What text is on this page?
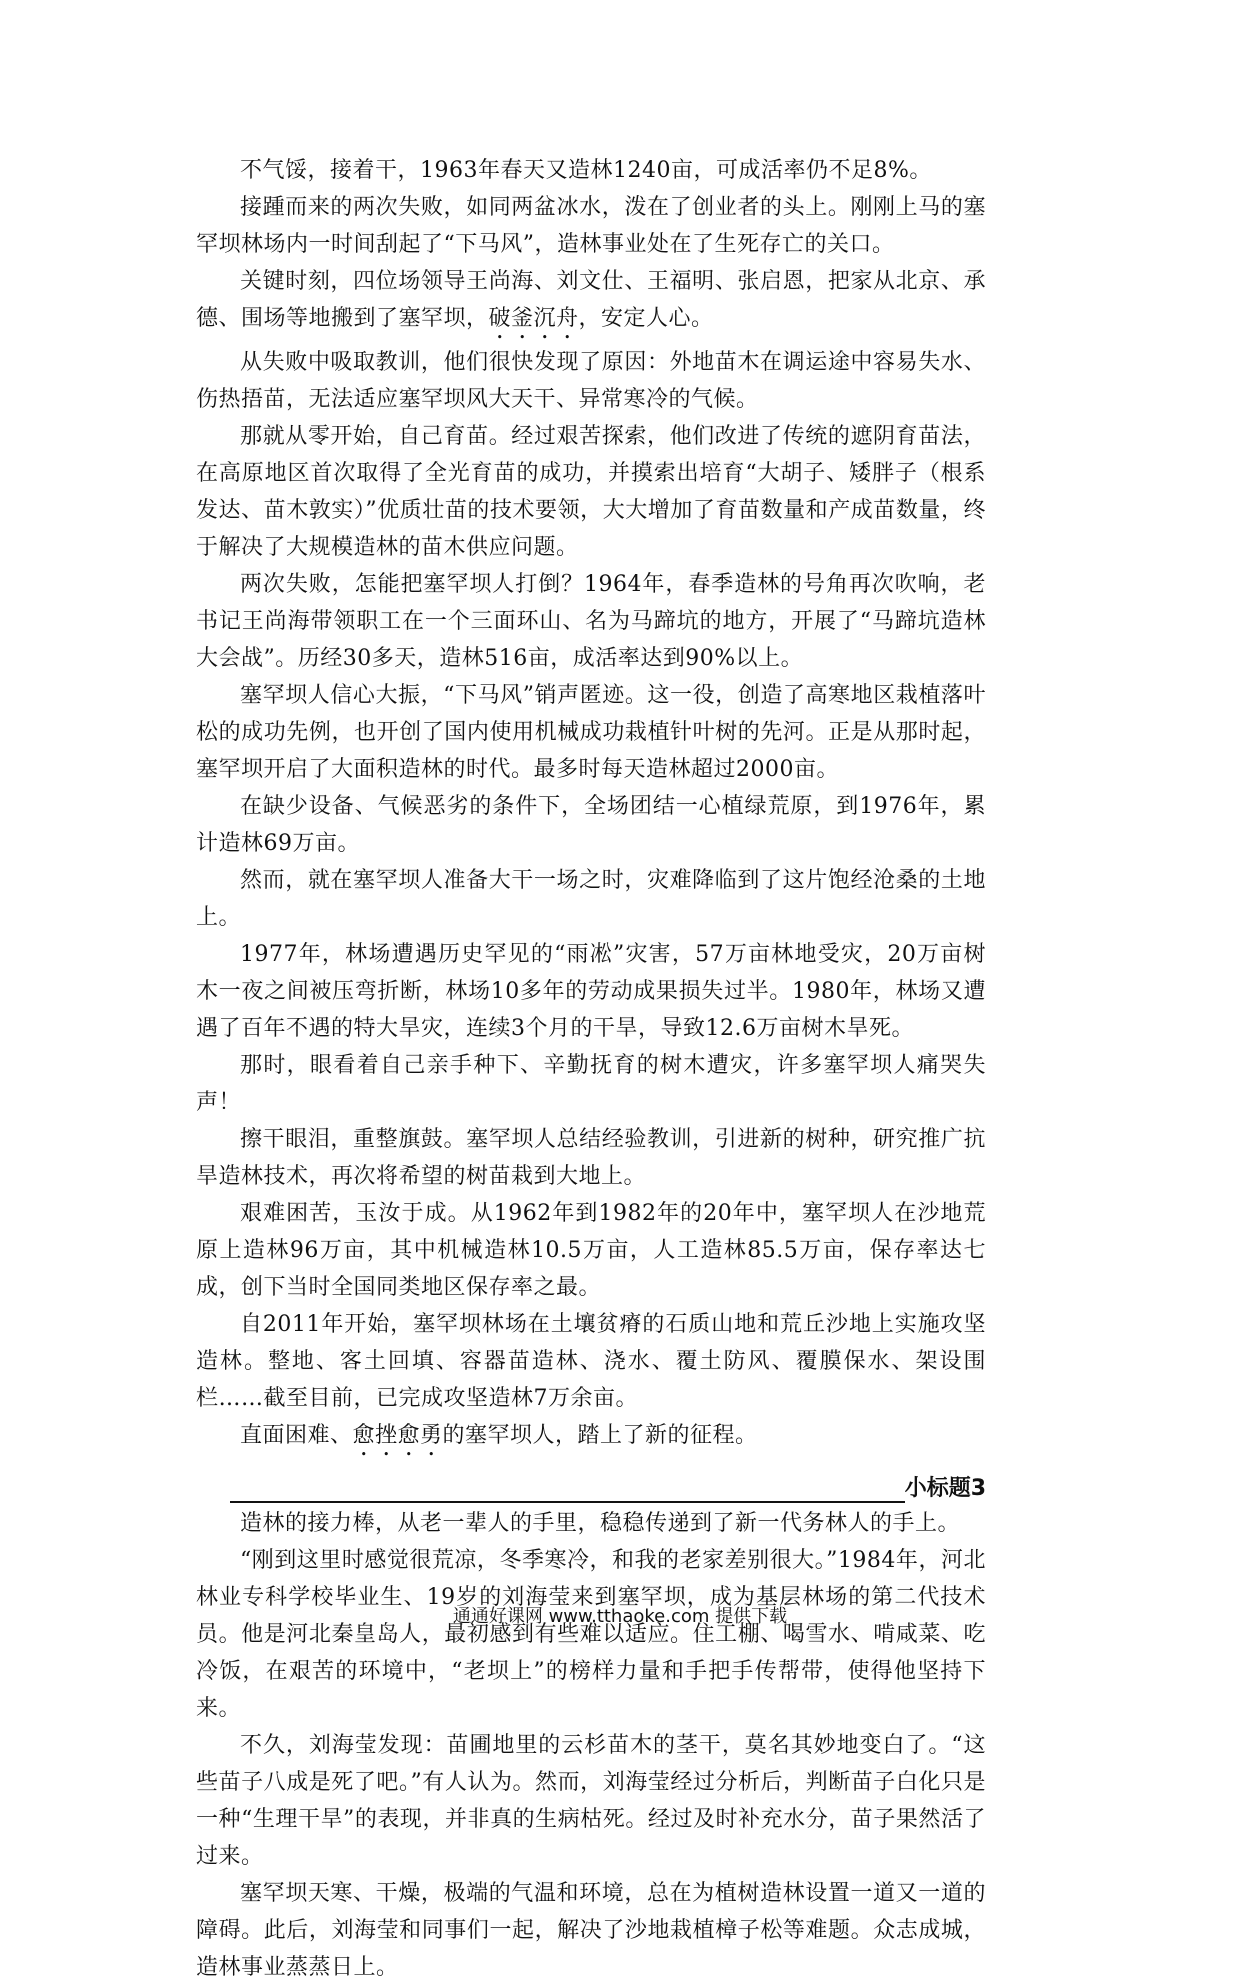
不气馁，接着干，1963年春天又造林1240亩，可成活率仍不足8%。

接踵而来的两次失败，如同两盆冰水，泼在了创业者的头上。刚刚上马的塞罕坝林场内一时间刮起了“下马风”，造林事业处在了生死存亡的关口。

关键时刻，四位场领导王尚海、刘文仕、王福明、张启恩，把家从北京、承德、围场等地搬到了塞罕坝，破釜沉舟，安定人心。

从失败中吸取教训，他们很快发现了原因：外地苗木在调运途中容易失水、伤热捂苗，无法适应塞罕坝风大天干、异常寒冷的气候。

那就从零开始，自己育苗。经过艰苦探索，他们改进了传统的遮阴育苗法，在高原地区首次取得了全光育苗的成功，并摸索出培育“大胡子、矮胖子（根系发达、苗木敦实）”优质壮苗的技术要领，大大增加了育苗数量和产成苗数量，终于解决了大规模造林的苗木供应问题。

两次失败，怎能把塞罕坝人打倒？1964年，春季造林的号角再次吹响，老书记王尚海带领职工在一个三面环山、名为马蹄坑的地方，开展了“马蹄坑造林大会战”。历经30多天，造林516亩，成活率达到90%以上。

塞罕坝人信心大振，“下马风”销声匿迹。这一役，创造了高寒地区栽植落叶松的成功先例，也开创了国内使用机械成功栽植针叶树的先河。正是从那时起，塞罕坝开启了大面积造林的时代。最多时每天造林超过2000亩。

在缺少设备、气候恶劣的条件下，全场团结一心植绿荒原，到1976年，累计造林69万亩。

然而，就在塞罕坝人准备大干一场之时，灾难降临到了这片饱经沧桑的土地上。

1977年，林场遭遇历史罕见的“雨凇”灾害，57万亩林地受灾，20万亩树木一夜之间被压弯折断，林场10多年的劳动成果损失过半。1980年，林场又遭遇了百年不遇的特大旱灾，连续3个月的干旱，导致12.6万亩树木旱死。

那时，眼看着自己亲手种下、辛勤抚育的树木遭灾，许多塞罕坝人痛哭失声！

擦干眼泪，重整旗鼓。塞罕坝人总结经验教训，引进新的树种，研究推广抗旱造林技术，再次将希望的树苗栽到大地上。

艰难困苦，玉汝于成。从1962年到1982年的20年中，塞罕坝人在沙地荒原上造林96万亩，其中机械造林10.5万亩，人工造林85.5万亩，保存率达七成，创下当时全国同类地区保存率之最。

自2011年开始，塞罕坝林场在土壤贫瘠的石质山地和荒丘沙地上实施攻坚造林。整地、客土回填、容器苗造林、浇水、覆土防风、覆膜保水、架设围栏……截至目前，已完成攻坚造林7万余亩。

直面困难、愈挫愈勇的塞罕坝人，踏上了新的征程。

小标题3

造林的接力棒，从老一辈人的手里，稳稳传递到了新一代务林人的手上。

“刚到这里时感觉很荒凉，冬季寒冷，和我的老家差别很大。”1984年，河北林业专科学校毕业生、19岁的刘海莹来到塞罕坝，成为基层林场的第二代技术员。他是河北秦皇岛人，最初感到有些难以适应。住工棚、喝雪水、啃咸菜、吃冷饭，在艰苦的环境中，“老坝上”的榜样力量和手把手传帮带，使得他坚持下来。

不久，刘海莹发现：苗圃地里的云杉苗木的茎干，莫名其妙地变白了。“这些苗子八成是死了吧。”有人认为。然而，刘海莹经过分析后，判断苗子白化只是一种“生理干旱”的表现，并非真的生病枯死。经过及时补充水分，苗子果然活了过来。

塞罕坝天寒、干燥，极端的气温和环境，总在为植树造林设置一道又一道的障碍。此后，刘海莹和同事们一起，解决了沙地栽植樟子松等难题。众志成城，造林事业蒸蒸日上。

通通好课网 www.tthaoke.com 提供下载
